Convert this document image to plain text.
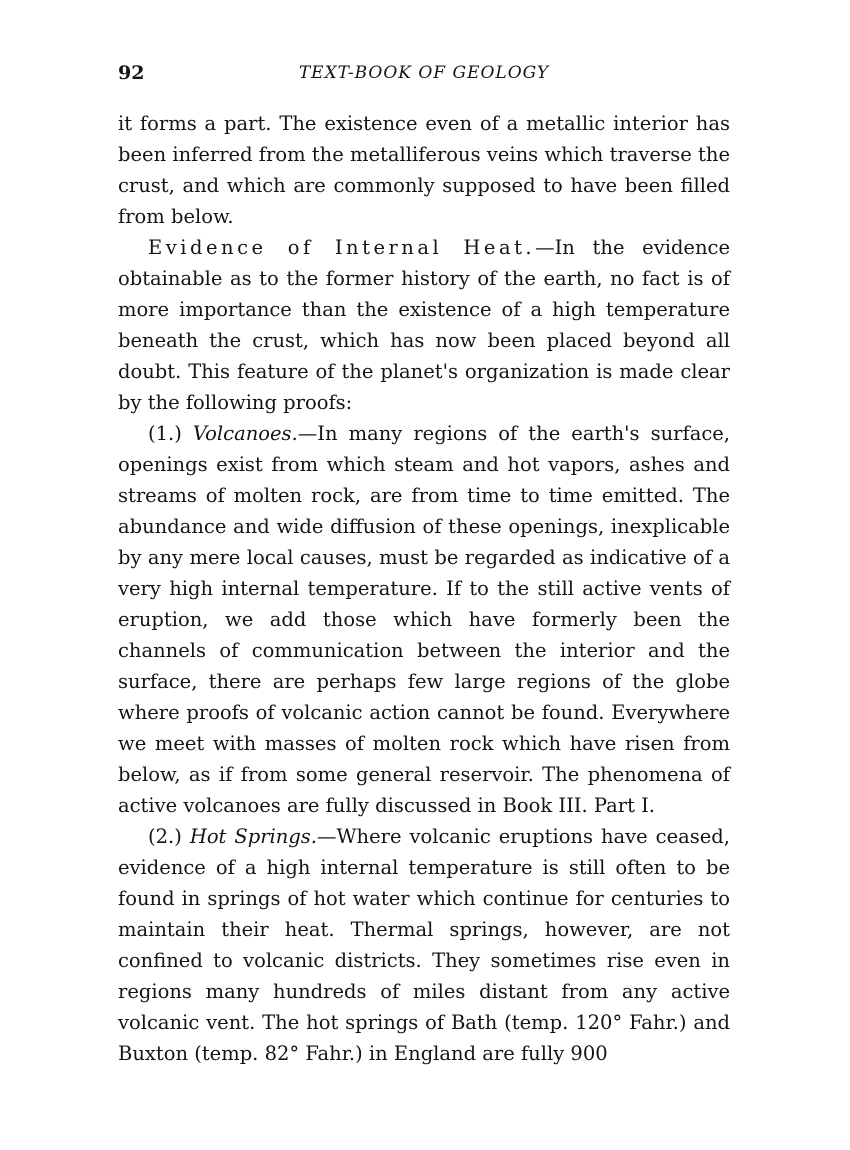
92	TEXT-BOOK OF GEOLOGY

it forms a part. The existence even of a metallic interior has been inferred from the metalliferous veins which traverse the crust, and which are commonly supposed to have been filled from below.

Evidence of Internal Heat.—In the evidence obtainable as to the former history of the earth, no fact is of more importance than the existence of a high temperature beneath the crust, which has now been placed beyond all doubt. This feature of the planet's organization is made clear by the following proofs:

(1.) Volcanoes.—In many regions of the earth's surface, openings exist from which steam and hot vapors, ashes and streams of molten rock, are from time to time emitted. The abundance and wide diffusion of these openings, inexplicable by any mere local causes, must be regarded as indicative of a very high internal temperature. If to the still active vents of eruption, we add those which have formerly been the channels of communication between the interior and the surface, there are perhaps few large regions of the globe where proofs of volcanic action cannot be found. Everywhere we meet with masses of molten rock which have risen from below, as if from some general reservoir. The phenomena of active volcanoes are fully discussed in Book III. Part I.

(2.) Hot Springs.—Where volcanic eruptions have ceased, evidence of a high internal temperature is still often to be found in springs of hot water which continue for centuries to maintain their heat. Thermal springs, however, are not confined to volcanic districts. They sometimes rise even in regions many hundreds of miles distant from any active volcanic vent. The hot springs of Bath (temp. 120° Fahr.) and Buxton (temp. 82° Fahr.) in England are fully 900
